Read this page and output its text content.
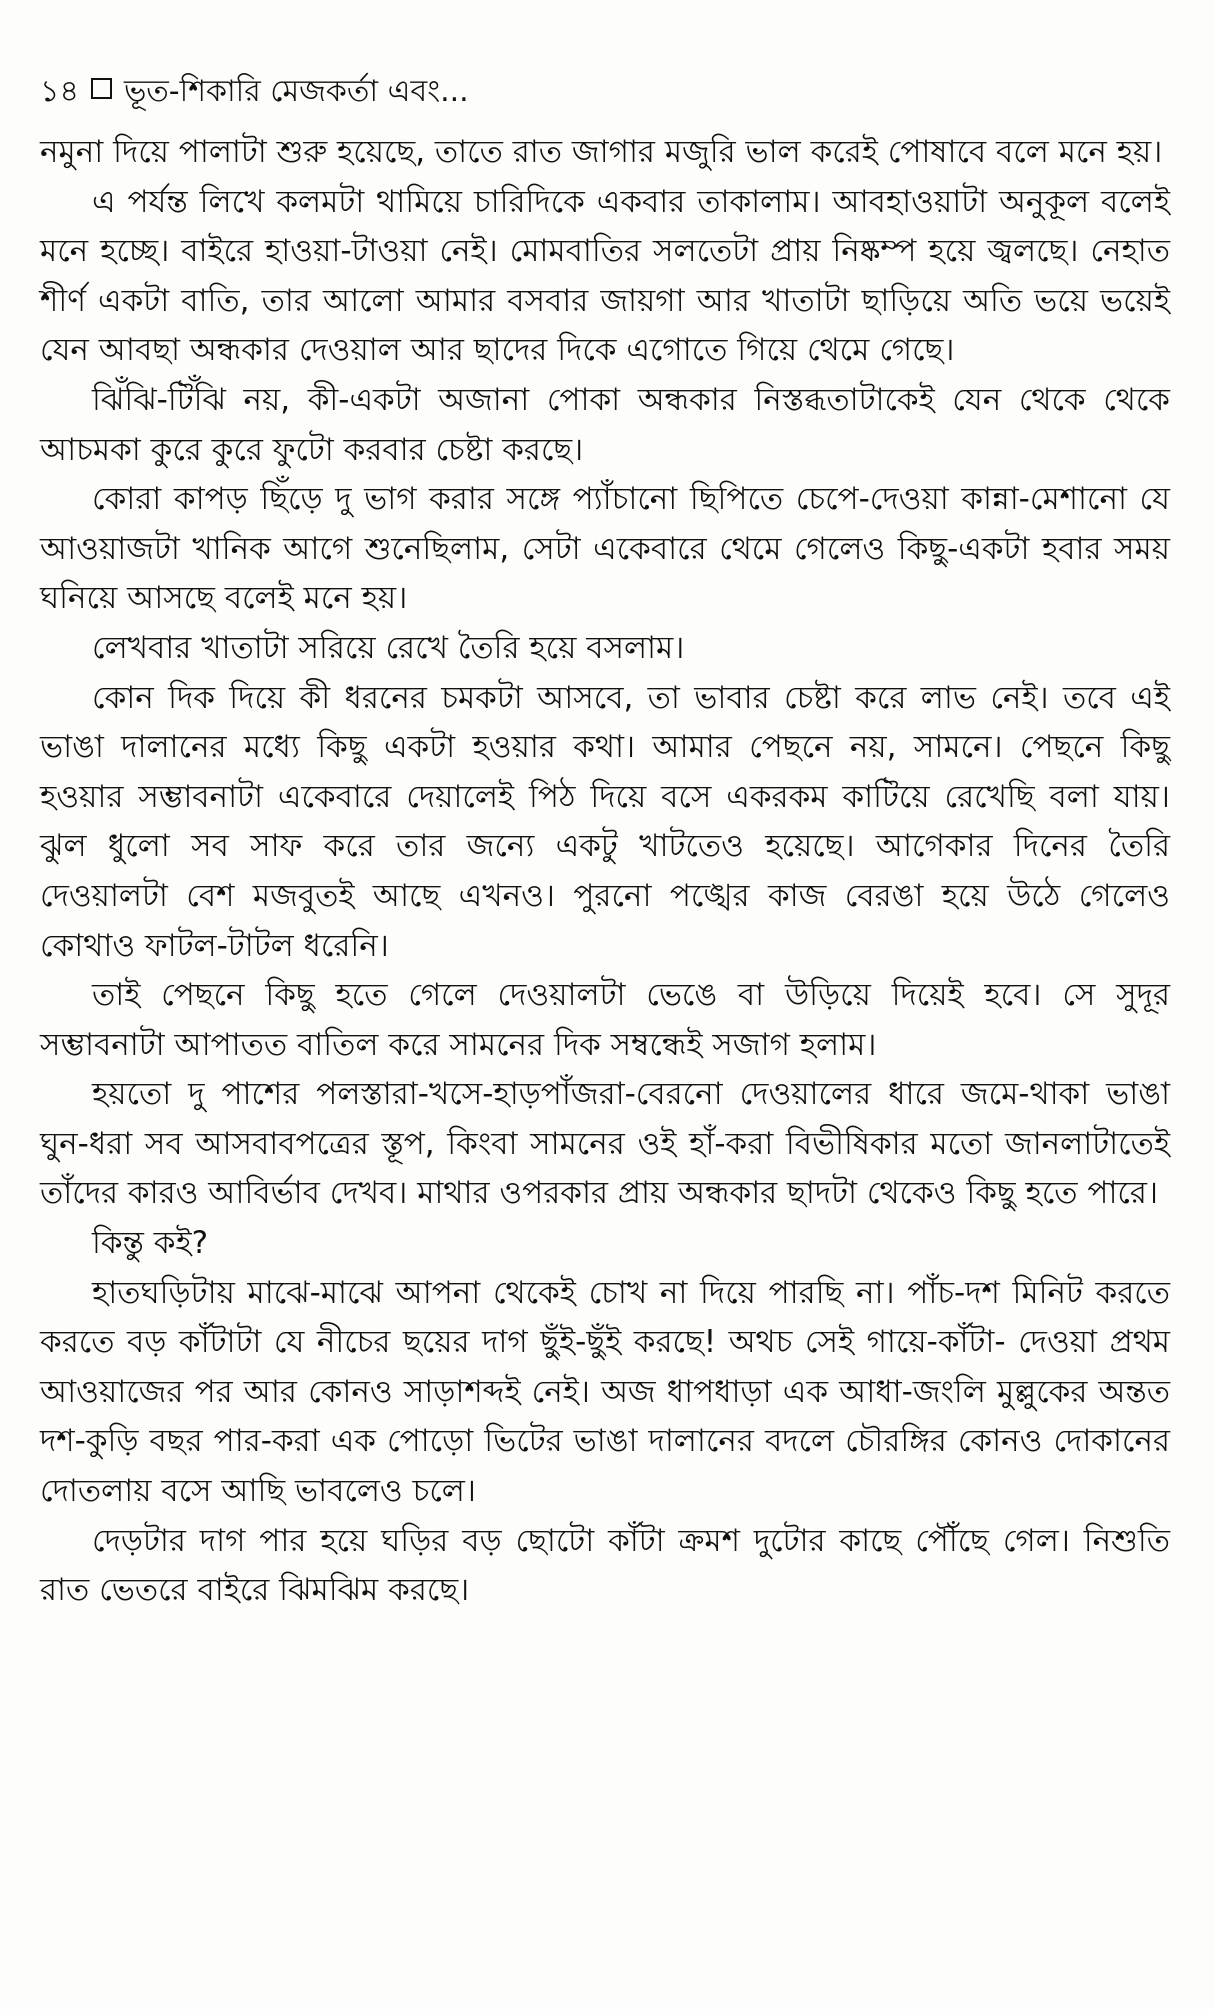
১৪ ভূত-শিকারি মেজকর্তা এবং...

নমুনা দিয়ে পালাটা শুরু হয়েছে, তাতে রাত জাগার মজুরি ভাল করেই পোষাবে বলে মনে হয়।

এ পর্যন্ত লিখে কলমটা থামিয়ে চারিদিকে একবার তাকালাম। আবহাওয়াটা অনুকূল বলেই মনে হচ্ছে। বাইরে হাওয়া-টাওয়া নেই। মোমবাতির সলতেটা প্রায় নিষ্কম্প হয়ে জ্বলছে। নেহাত শীর্ণ একটা বাতি, তার আলো আমার বসবার জায়গা আর খাতাটা ছাড়িয়ে অতি ভয়ে ভয়েই যেন আবছা অন্ধকার দেওয়াল আর ছাদের দিকে এগোতে গিয়ে থেমে গেছে।

ঝিঁঝি-টিঁঝি নয়, কী-একটা অজানা পোকা অন্ধকার নিস্তব্ধতাটাকেই যেন থেকে থেকে আচমকা কুরে কুরে ফুটো করবার চেষ্টা করছে।

কোরা কাপড় ছিঁড়ে দু ভাগ করার সঙ্গে প্যাঁচানো ছিপিতে চেপে-দেওয়া কান্না-মেশানো যে আওয়াজটা খানিক আগে শুনেছিলাম, সেটা একেবারে থেমে গেলেও কিছু-একটা হবার সময় ঘনিয়ে আসছে বলেই মনে হয়।

লেখবার খাতাটা সরিয়ে রেখে তৈরি হয়ে বসলাম।

কোন দিক দিয়ে কী ধরনের চমকটা আসবে, তা ভাবার চেষ্টা করে লাভ নেই। তবে এই ভাঙা দালানের মধ্যে কিছু একটা হওয়ার কথা। আমার পেছনে নয়, সামনে। পেছনে কিছু হওয়ার সম্ভাবনাটা একেবারে দেয়ালেই পিঠ দিয়ে বসে একরকম কাটিয়ে রেখেছি বলা যায়। ঝুল ধুলো সব সাফ করে তার জন্যে একটু খাটতেও হয়েছে। আগেকার দিনের তৈরি দেওয়ালটা বেশ মজবুতই আছে এখনও। পুরনো পঙ্খের কাজ বেরঙা হয়ে উঠে গেলেও কোথাও ফাটল-টাটল ধরেনি।

তাই পেছনে কিছু হতে গেলে দেওয়ালটা ভেঙে বা উড়িয়ে দিয়েই হবে। সে সুদূর সম্ভাবনাটা আপাতত বাতিল করে সামনের দিক সম্বন্ধেই সজাগ হলাম।

হয়তো দু পাশের পলস্তারা-খসে-হাড়পাঁজরা-বেরনো দেওয়ালের ধারে জমে-থাকা ভাঙা ঘুন-ধরা সব আসবাবপত্রের স্তূপ, কিংবা সামনের ওই হাঁ-করা বিভীষিকার মতো জানলাটাতেই তাঁদের কারও আবির্ভাব দেখব। মাথার ওপরকার প্রায় অন্ধকার ছাদটা থেকেও কিছু হতে পারে।

কিন্তু কই?

হাতঘড়িটায় মাঝে-মাঝে আপনা থেকেই চোখ না দিয়ে পারছি না। পাঁচ-দশ মিনিট করতে করতে বড় কাঁটাটা যে নীচের ছয়ের দাগ ছুঁই-ছুঁই করছে! অথচ সেই গায়ে-কাঁটা- দেওয়া প্রথম আওয়াজের পর আর কোনও সাড়াশব্দই নেই। অজ ধাপধাড়া এক আধা-জংলি মুল্লুকের অন্তত দশ-কুড়ি বছর পার-করা এক পোড়ো ভিটের ভাঙা দালানের বদলে চৌরঙ্গির কোনও দোকানের দোতলায় বসে আছি ভাবলেও চলে।

দেড়টার দাগ পার হয়ে ঘড়ির বড় ছোটো কাঁটা ক্রমশ দুটোর কাছে পৌঁছে গেল। নিশুতি রাত ভেতরে বাইরে ঝিমঝিম করছে।
